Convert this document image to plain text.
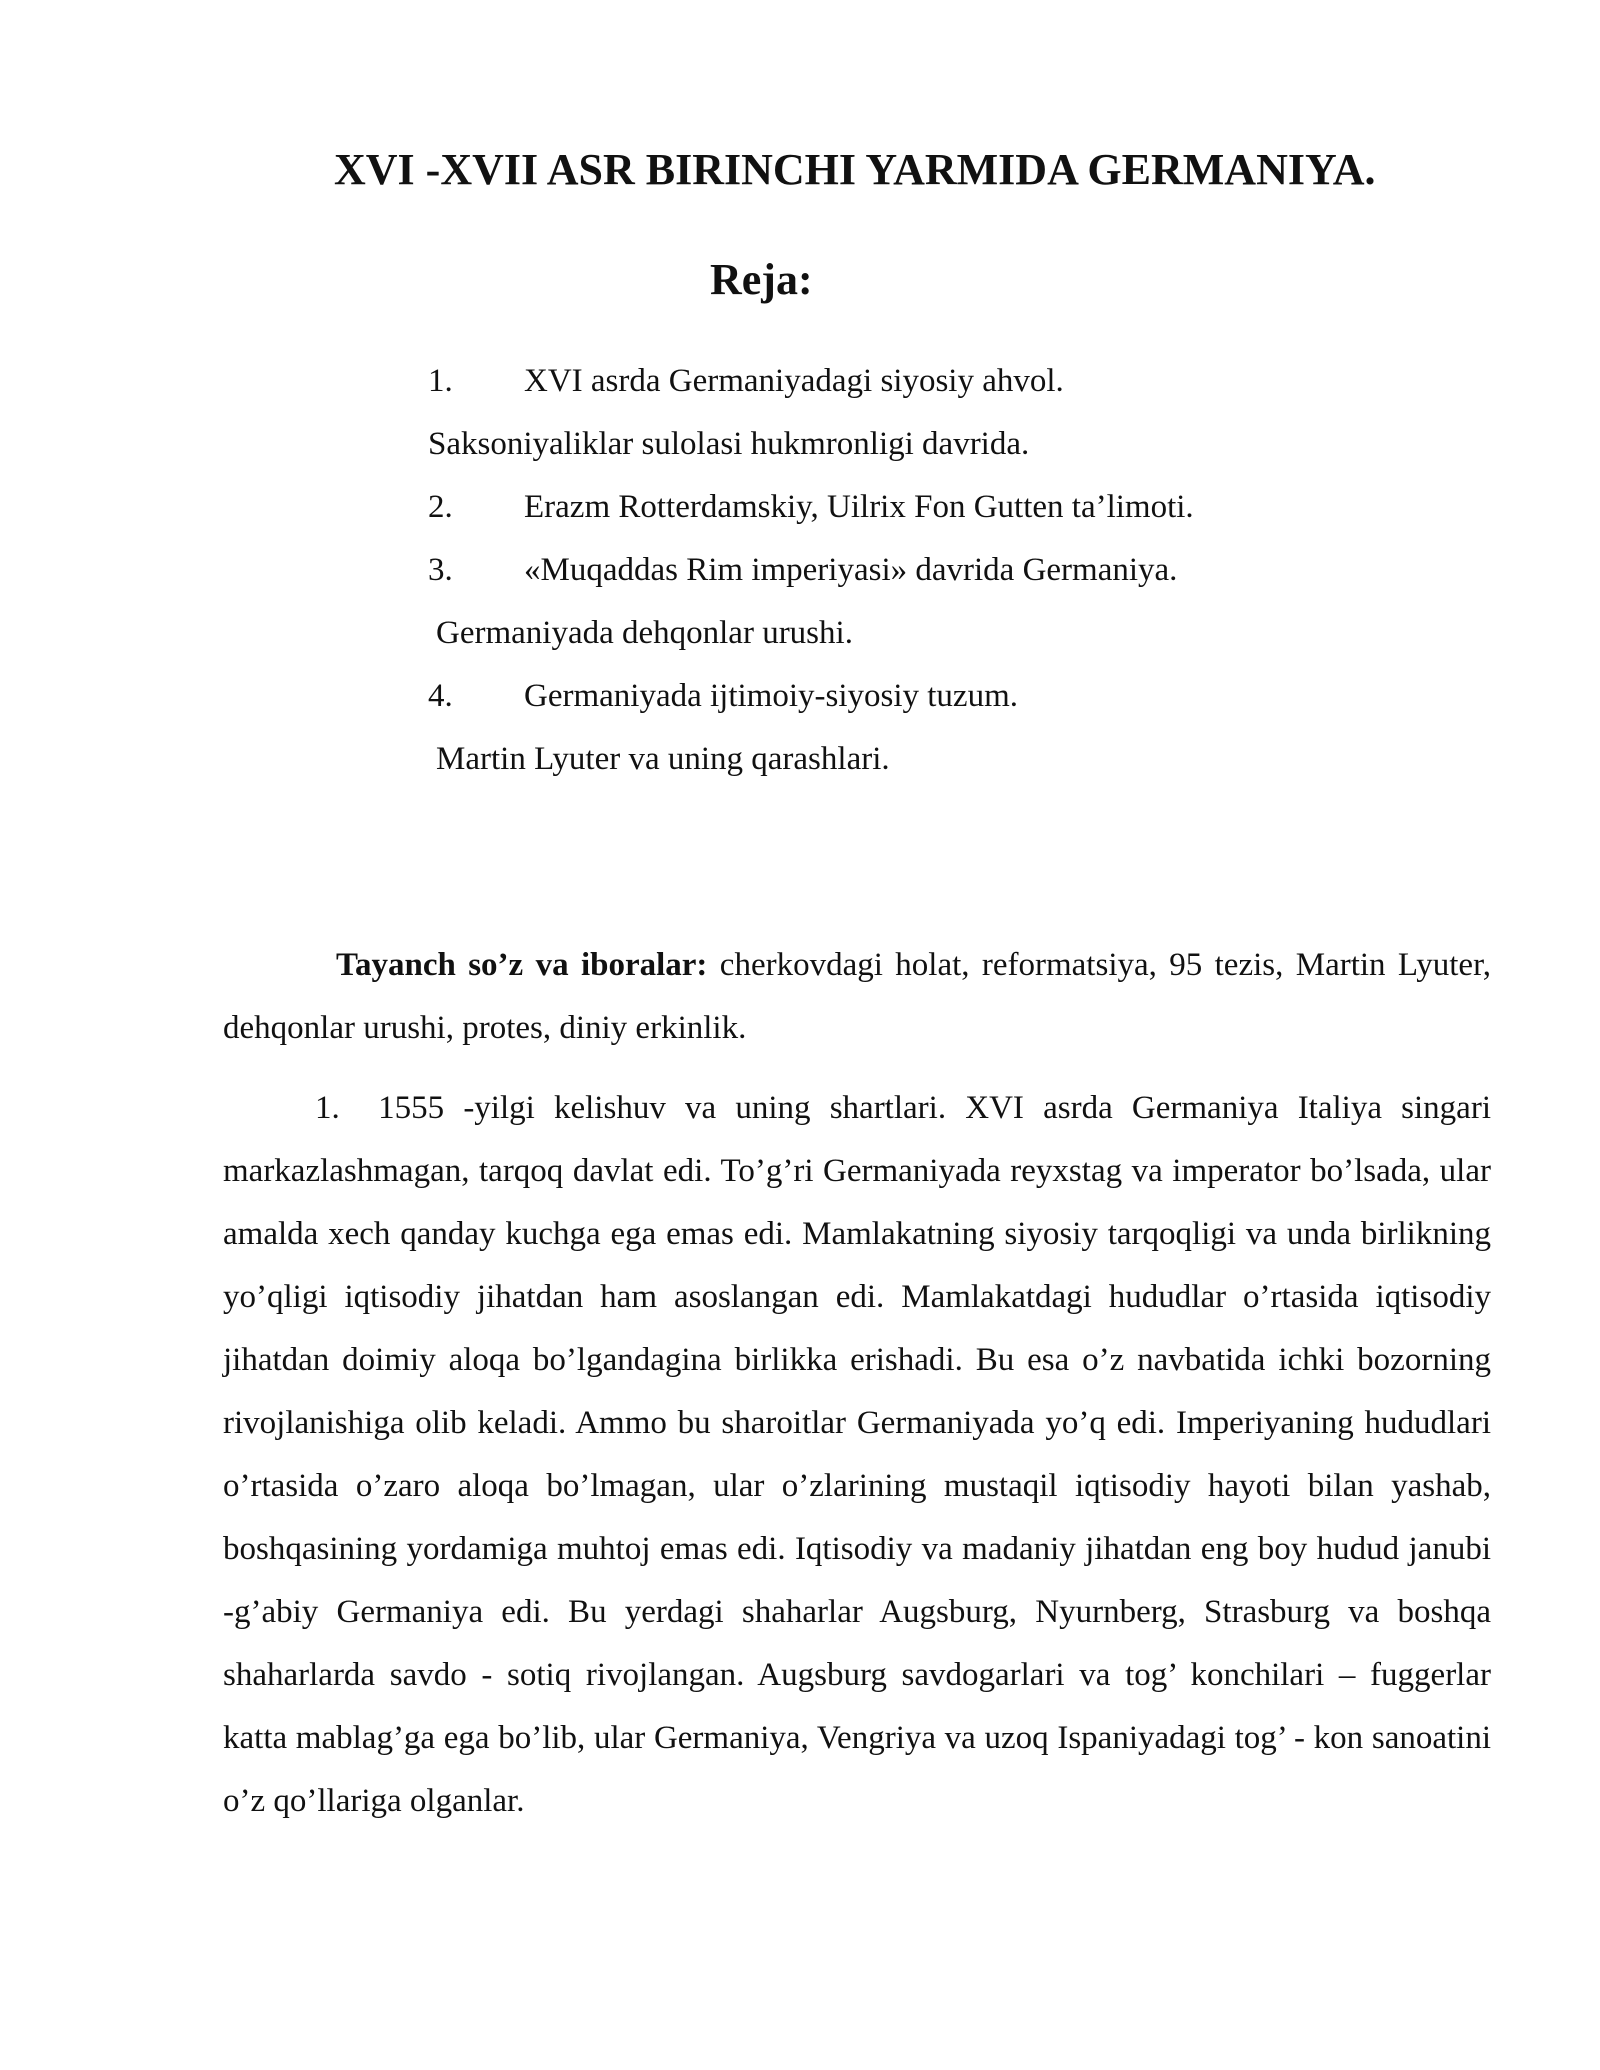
XVI -XVII ASR BIRINCHI YARMIDA GERMANIYA.
Reja:
1. XVI asrda Germaniyadagi siyosiy ahvol.
Saksoniyaliklar sulolasi hukmronligi davrida.
2. Erazm Rotterdamskiy, Uilrix Fon Gutten ta’limoti.
3. «Muqaddas Rim imperiyasi» davrida Germaniya.
Germaniyada dehqonlar urushi.
4. Germaniyada ijtimoiy-siyosiy tuzum.
Martin Lyuter va uning qarashlari.

Tayanch so’z va iboralar: cherkovdagi holat, reformatsiya, 95 tezis, Martin Lyuter, dehqonlar urushi, protes, diniy erkinlik.

1. 1555 -yilgi kelishuv va uning shartlari. XVI asrda Germaniya Italiya singari markazlashmagan, tarqoq davlat edi. To’g’ri Germaniyada reyxstag va imperator bo’lsada, ular amalda xech qanday kuchga ega emas edi. Mamlakatning siyosiy tarqoqligi va unda birlikning yo’qligi iqtisodiy jihatdan ham asoslangan edi. Mamlakatdagi hududlar o’rtasida iqtisodiy jihatdan doimiy aloqa bo’lgandagina birlikka erishadi. Bu esa o’z navbatida ichki bozorning rivojlanishiga olib keladi. Ammo bu sharoitlar Germaniyada yo’q edi. Imperiyaning hududlari o’rtasida o’zaro aloqa bo’lmagan, ular o’zlarining mustaqil iqtisodiy hayoti bilan yashab, boshqasining yordamiga muhtoj emas edi. Iqtisodiy va madaniy jihatdan eng boy hudud janubi -g’abiy Germaniya edi. Bu yerdagi shaharlar Augsburg, Nyurnberg, Strasburg va boshqa shaharlarda savdo - sotiq rivojlangan. Augsburg savdogarlari va tog’ konchilari – fuggerlar katta mablag’ga ega bo’lib, ular Germaniya, Vengriya va uzoq Ispaniyadagi tog’ - kon sanoatini o’z qo’llariga olganlar.
